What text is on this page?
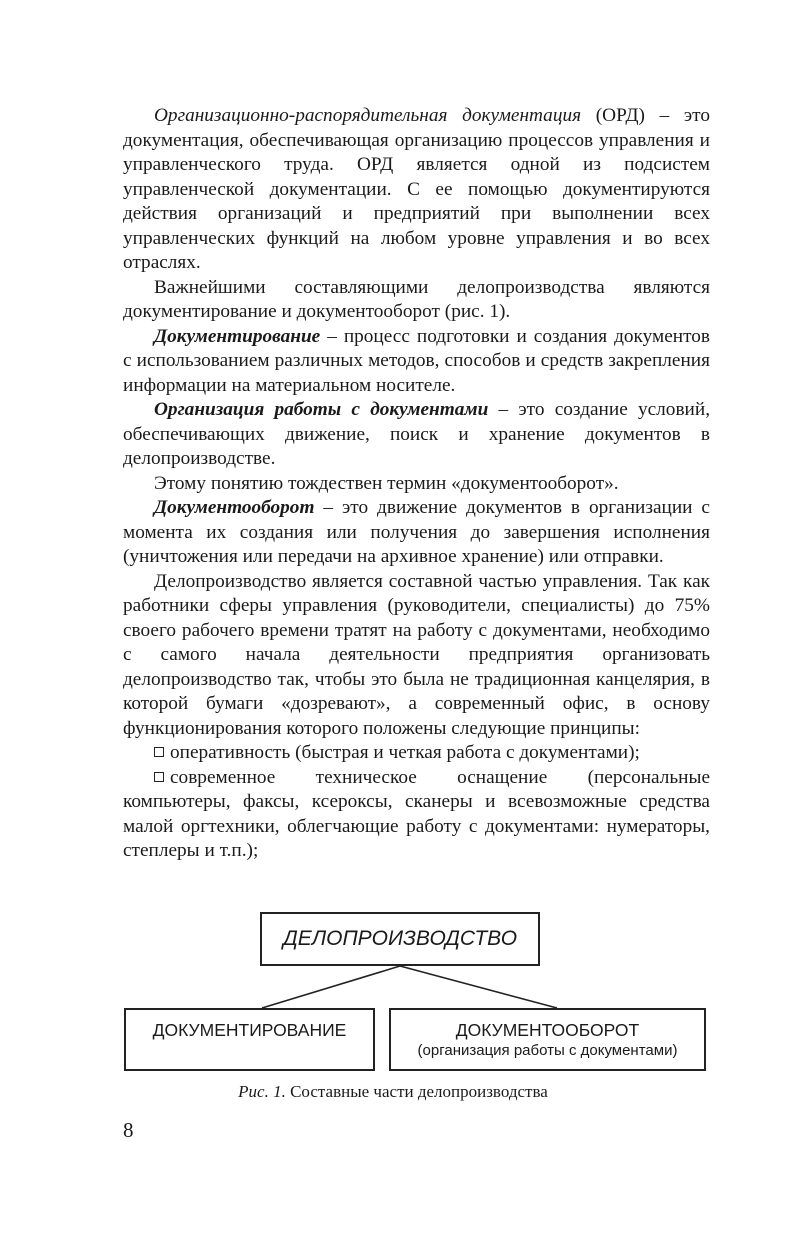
Организационно-распорядительная документация (ОРД) – это документация, обеспечивающая организацию процессов управления и управленческого труда. ОРД является одной из подсистем управленческой документации. С ее помощью документируются действия организаций и предприятий при выполнении всех управленческих функций на любом уровне управления и во всех отраслях.

Важнейшими составляющими делопроизводства являются документирование и документооборот (рис. 1).

Документирование – процесс подготовки и создания документов с использованием различных методов, способов и средств закрепления информации на материальном носителе.

Организация работы с документами – это создание условий, обеспечивающих движение, поиск и хранение документов в делопроизводстве.

Этому понятию тождествен термин «документооборот».

Документооборот – это движение документов в организации с момента их создания или получения до завершения исполнения (уничтожения или передачи на архивное хранение) или отправки.

Делопроизводство является составной частью управления. Так как работники сферы управления (руководители, специалисты) до 75% своего рабочего времени тратят на работу с документами, необходимо с самого начала деятельности предприятия организовать делопроизводство так, чтобы это была не традиционная канцелярия, в которой бумаги «дозревают», а современный офис, в основу функционирования которого положены следующие принципы:

оперативность (быстрая и четкая работа с документами);

современное техническое оснащение (персональные компьютеры, факсы, ксероксы, сканеры и всевозможные средства малой оргтехники, облегчающие работу с документами: нумераторы, степлеры и т.п.);

ДЕЛОПРОИЗВОДСТВО
ДОКУМЕНТИРОВАНИЕ	ДОКУМЕНТООБОРОТ
(организация работы с документами)
Рис. 1. Составные части делопроизводства
8
